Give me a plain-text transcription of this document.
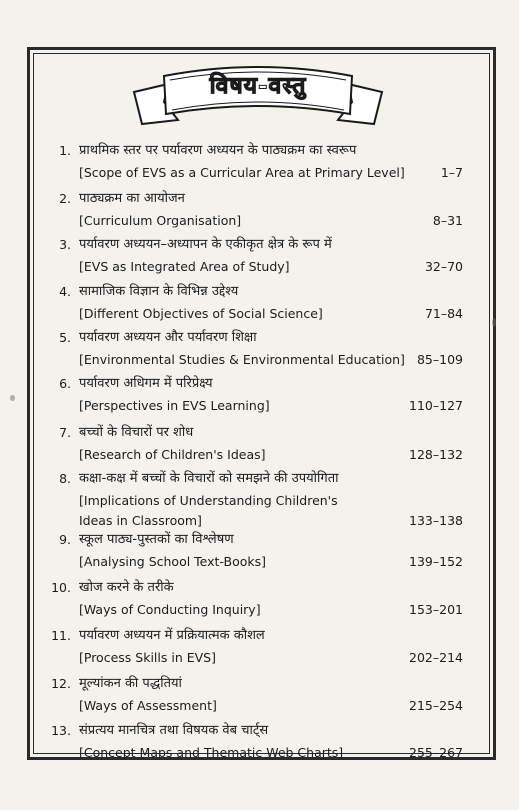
विषय-वस्तु
1. प्राथमिक स्तर पर पर्यावरण अध्ययन के पाठ्यक्रम का स्वरूप
[Scope of EVS as a Curricular Area at Primary Level]	1–7
2. पाठ्यक्रम का आयोजन
[Curriculum Organisation]	8–31
3. पर्यावरण अध्ययन–अध्यापन के एकीकृत क्षेत्र के रूप में
[EVS as Integrated Area of Study]	32–70
4. सामाजिक विज्ञान के विभिन्न उद्देश्य
[Different Objectives of Social Science]	71–84
5. पर्यावरण अध्ययन और पर्यावरण शिक्षा
[Environmental Studies & Environmental Education] 85–109
6. पर्यावरण अधिगम में परिप्रेक्ष्य
[Perspectives in EVS Learning]	110–127
7. बच्चों के विचारों पर शोध
[Research of Children's Ideas]	128–132
8. कक्षा-कक्ष में बच्चों के विचारों को समझने की उपयोगिता
[Implications of Understanding Children's
Ideas in Classroom]	133–138
9. स्कूल पाठ्य-पुस्तकों का विश्लेषण
[Analysing School Text-Books]	139–152
10. खोज करने के तरीके
[Ways of Conducting Inquiry]	153–201
11. पर्यावरण अध्ययन में प्रक्रियात्मक कौशल
[Process Skills in EVS]	202–214
12. मूल्यांकन की पद्धतियां
[Ways of Assessment]	215–254
13. संप्रत्यय मानचित्र तथा विषयक वेब चार्ट्स
[Concept Maps and Thematic Web Charts]	255–267
